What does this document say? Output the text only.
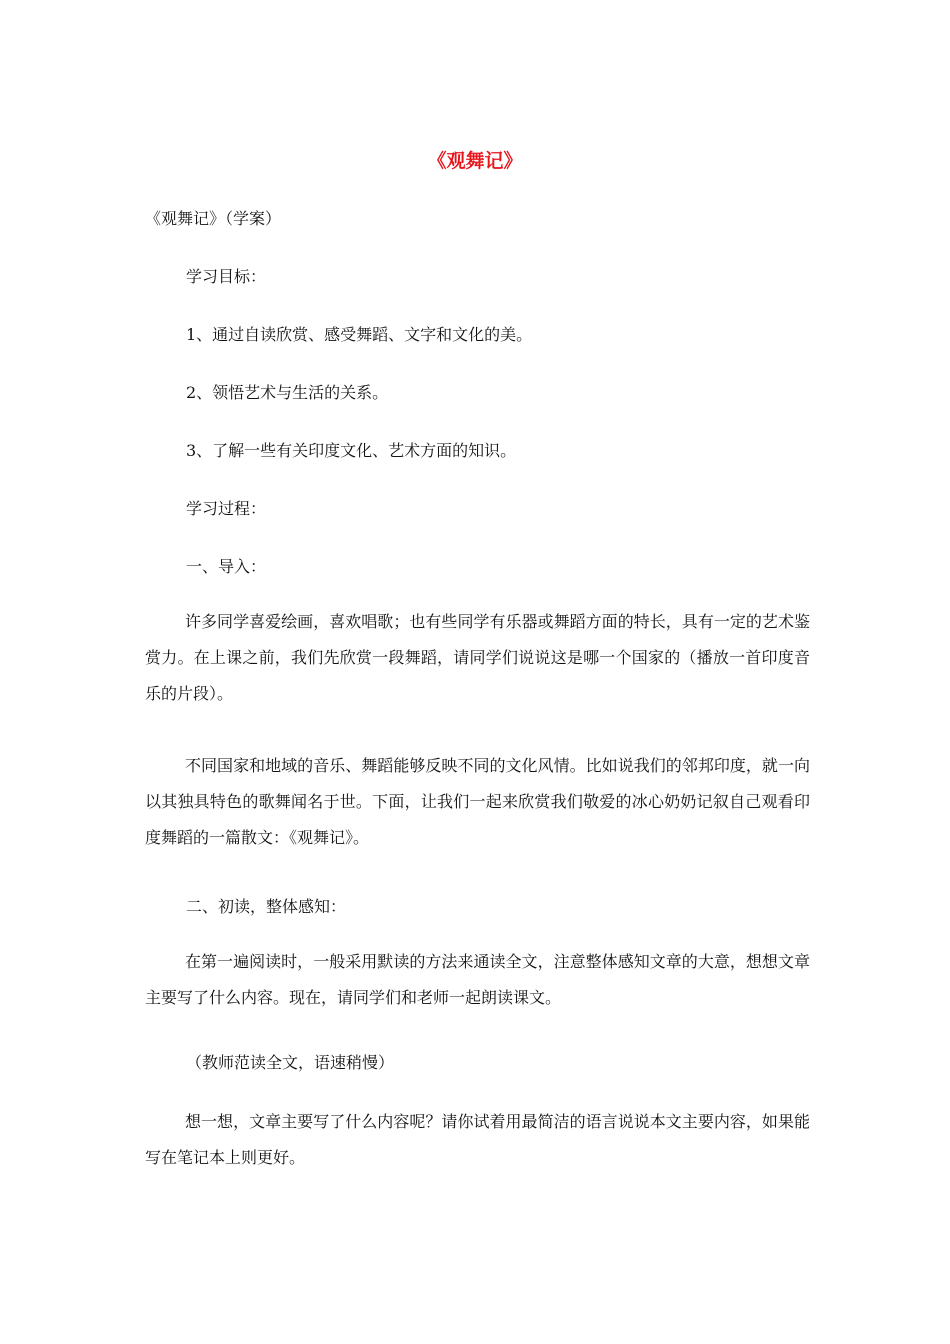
《观舞记》
《观舞记》（学案）
学习目标：
1、通过自读欣赏、感受舞蹈、文字和文化的美。
2、领悟艺术与生活的关系。
3、了解一些有关印度文化、艺术方面的知识。
学习过程：
一、导入：
许多同学喜爱绘画，喜欢唱歌；也有些同学有乐器或舞蹈方面的特长，具有一定的艺术鉴赏力。在上课之前，我们先欣赏一段舞蹈，请同学们说说这是哪一个国家的（播放一首印度音乐的片段）。
不同国家和地域的音乐、舞蹈能够反映不同的文化风情。比如说我们的邻邦印度，就一向以其独具特色的歌舞闻名于世。下面，让我们一起来欣赏我们敬爱的冰心奶奶记叙自己观看印度舞蹈的一篇散文：《观舞记》。
二、初读，整体感知：
在第一遍阅读时，一般采用默读的方法来通读全文，注意整体感知文章的大意，想想文章主要写了什么内容。现在，请同学们和老师一起朗读课文。
（教师范读全文，语速稍慢）
想一想，文章主要写了什么内容呢？请你试着用最简洁的语言说说本文主要内容，如果能写在笔记本上则更好。
